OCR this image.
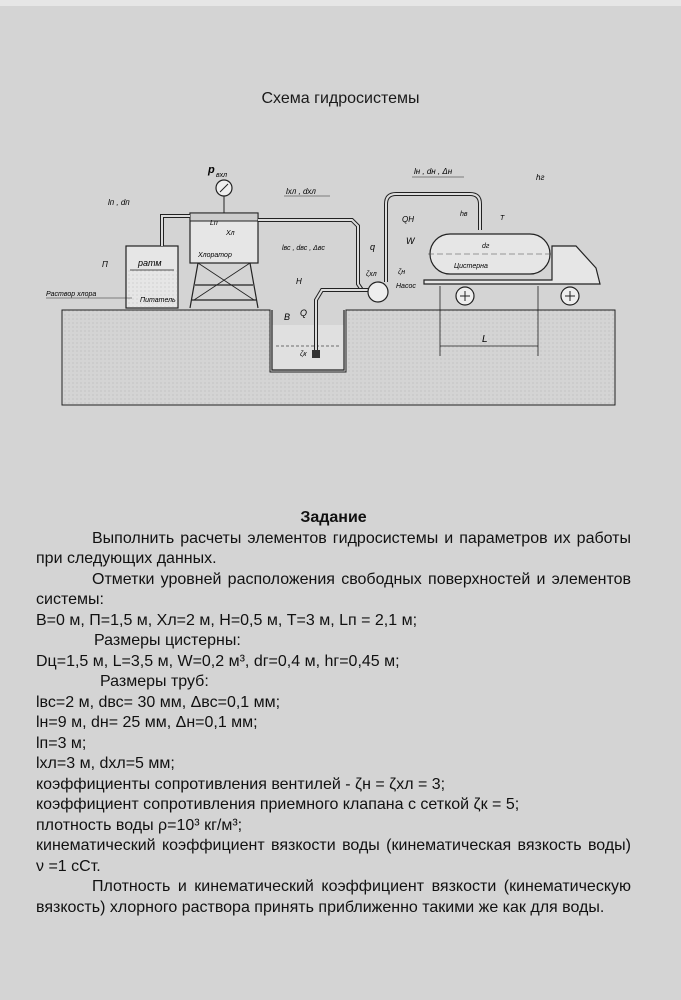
Схема гидросистемы
В
ζк
П	pатм
Питатель
Раствор хлора
Хлоратор
Хл
Lп
p вхл
lп , dп
lхл , dхл
q
ζхл
lвс , dвс , Δвс
Н
Q
Насос
ζн
lн , dн , Δн
QH
W
hв
Цистерна
dг
Т
hг
L

Задание

Выполнить расчеты элементов гидросистемы и параметров их работы при следующих данных.

Отметки уровней расположения свободных поверхностей и элементов системы:

В=0 м, П=1,5 м, Хл=2 м, Н=0,5 м, Т=3 м, Lп = 2,1 м;

Размеры цистерны:

Dц=1,5 м, L=3,5 м, W=0,2 м³, dг=0,4 м, hг=0,45 м;

Размеры труб:

lвс=2 м, dвс= 30 мм, Δвс=0,1 мм;

lн=9 м, dн= 25 мм, Δн=0,1 мм;

lп=3 м;

lхл=3 м, dхл=5 мм;

коэффициенты сопротивления вентилей - ζн = ζхл = 3;

коэффициент сопротивления приемного клапана с сеткой ζк = 5;

плотность воды ρ=10³ кг/м³;

кинематический коэффициент вязкости воды (кинематическая вязкость воды) ν =1 сСт.

Плотность и кинематический коэффициент вязкости (кинематическую вязкость) хлорного раствора принять приближенно такими же как для воды.
